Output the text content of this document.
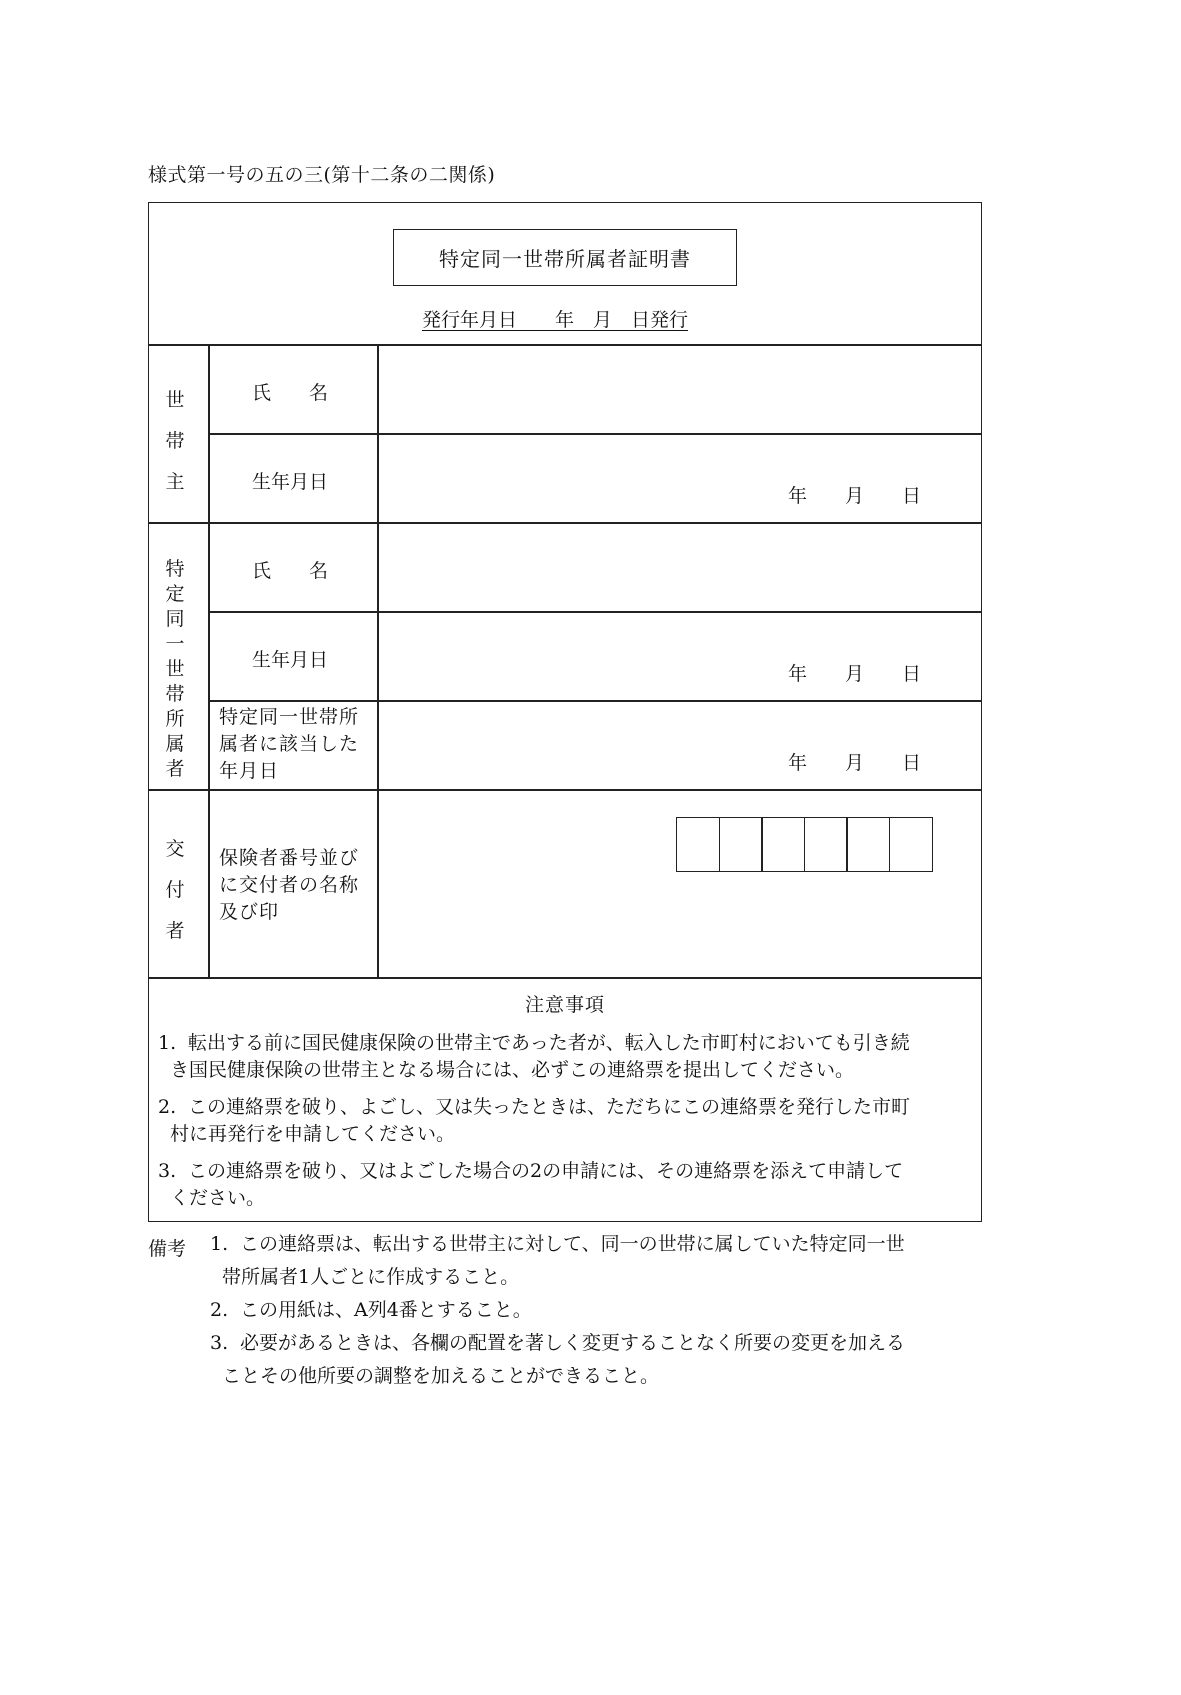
様式第一号の五の三(第十二条の二関係)
特定同一世帯所属者証明書
発行年月日　　年　月　日発行
世
帯
主
氏　　名
生年月日
年　　月　　日
特
定
同
一
世
帯
所
属
者
氏　　名
生年月日
年　　月　　日
特定同一世帯所属者に該当した年月日	年　　月　　日
交
付
者
保険者番号並びに交付者の名称及び印
注意事項
1. 転出する前に国民健康保険の世帯主であった者が、転入した市町村においても引き続
き国民健康保険の世帯主となる場合には、必ずこの連絡票を提出してください。
2. この連絡票を破り、よごし、又は失ったときは、ただちにこの連絡票を発行した市町
村に再発行を申請してください。
3. この連絡票を破り、又はよごした場合の2の申請には、その連絡票を添えて申請して
ください。
備考 1. この連絡票は、転出する世帯主に対して、同一の世帯に属していた特定同一世
帯所属者1人ごとに作成すること。
2. この用紙は、A列4番とすること。
3. 必要があるときは、各欄の配置を著しく変更することなく所要の変更を加える
ことその他所要の調整を加えることができること。
